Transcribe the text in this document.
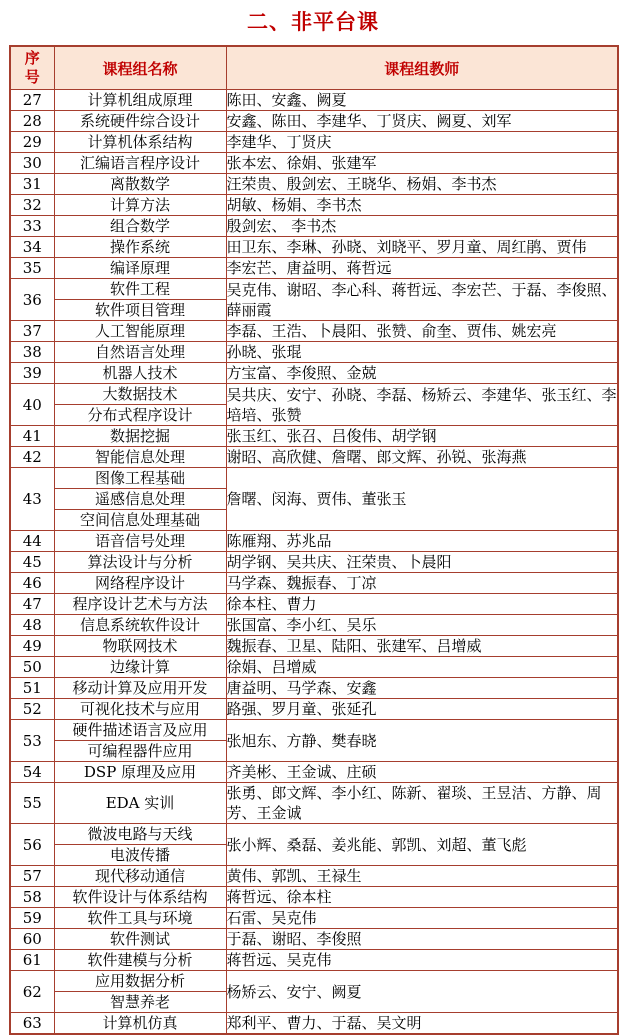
二、非平台课
序号	课程组名称	课程组教师
27	计算机组成原理	陈田、安鑫、阙夏
28	系统硬件综合设计	安鑫、陈田、李建华、丁贤庆、阙夏、刘军
29	计算机体系结构	李建华、丁贤庆
30	汇编语言程序设计	张本宏、徐娟、张建军
31	离散数学	汪荣贵、殷剑宏、王晓华、杨娟、李书杰
32	计算方法	胡敏、杨娟、李书杰
33	组合数学	殷剑宏、 李书杰
34	操作系统	田卫东、李琳、孙晓、刘晓平、罗月童、周红鹃、贾伟
35	编译原理	李宏芒、唐益明、蒋哲远
36	软件工程	吴克伟、谢昭、李心科、蒋哲远、李宏芒、于磊、李俊照、薛丽霞
	软件项目管理	
37	人工智能原理	李磊、王浩、卜晨阳、张赞、俞奎、贾伟、姚宏亮
38	自然语言处理	孙晓、张琨
39	机器人技术	方宝富、李俊照、金兢
40	大数据技术	吴共庆、安宁、孙晓、李磊、杨矫云、李建华、张玉红、李培培、张赞
	分布式程序设计	
41	数据挖掘	张玉红、张召、吕俊伟、胡学钢
42	智能信息处理	谢昭、高欣健、詹曙、郎文辉、孙锐、张海燕
43	图像工程基础	詹曙、闵海、贾伟、董张玉
	遥感信息处理	
	空间信息处理基础	
44	语音信号处理	陈雁翔、苏兆品
45	算法设计与分析	胡学钢、吴共庆、汪荣贵、卜晨阳
46	网络程序设计	马学森、魏振春、丁凉
47	程序设计艺术与方法	徐本柱、曹力
48	信息系统软件设计	张国富、李小红、吴乐
49	物联网技术	魏振春、卫星、陆阳、张建军、吕增威
50	边缘计算	徐娟、吕增威
51	移动计算及应用开发	唐益明、马学森、安鑫
52	可视化技术与应用	路强、罗月童、张延孔
53	硬件描述语言及应用	张旭东、方静、樊春晓
	可编程器件应用	
54	DSP 原理及应用	齐美彬、王金诚、庄硕
55	EDA 实训	张勇、郎文辉、李小红、陈新、翟琰、王昱洁、方静、周芳、王金诚
56	微波电路与天线	张小辉、桑磊、姜兆能、郭凯、刘超、董飞彪
	电波传播	
57	现代移动通信	黄伟、郭凯、王禄生
58	软件设计与体系结构	蒋哲远、徐本柱
59	软件工具与环境	石雷、吴克伟
60	软件测试	于磊、谢昭、李俊照
61	软件建模与分析	蒋哲远、吴克伟
62	应用数据分析	杨矫云、安宁、阙夏
	智慧养老	
63	计算机仿真	郑利平、曹力、于磊、吴文明
